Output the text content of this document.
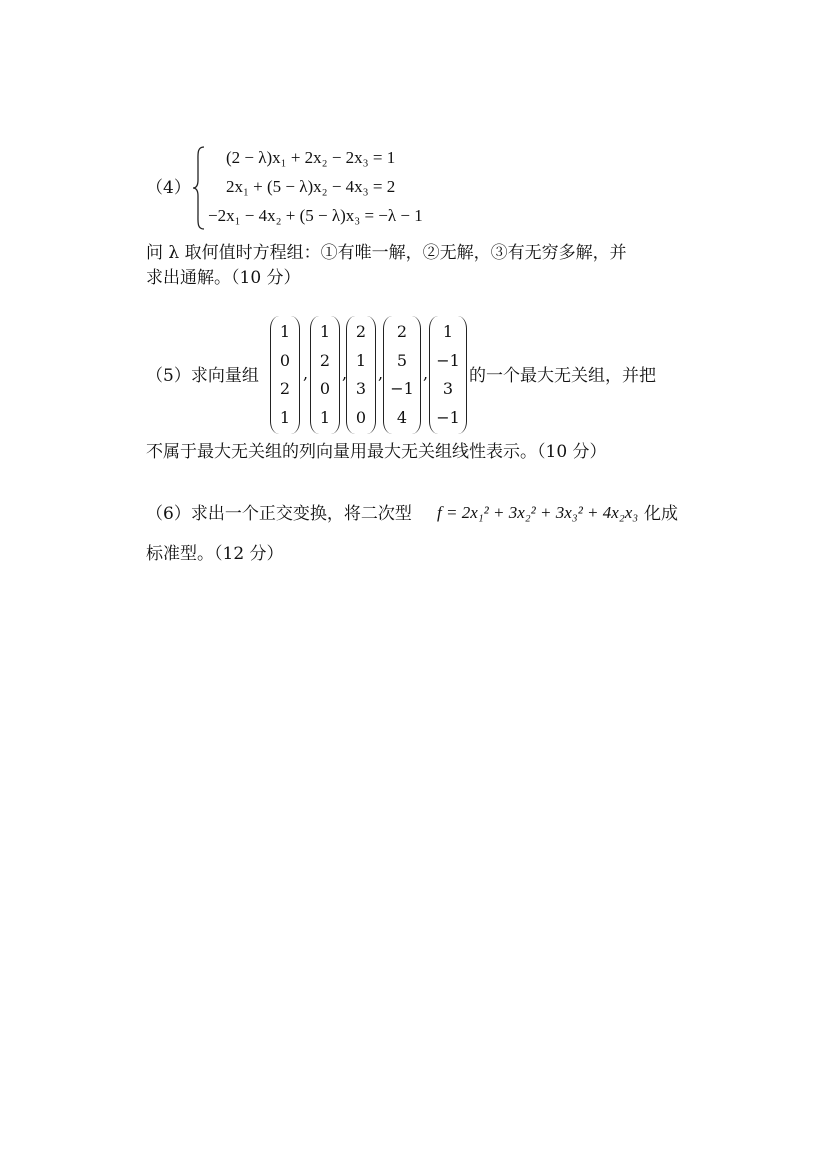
（4）
(2 − λ)x₁ + 2x₂ − 2x₃ = 1
2x₁ + (5 − λ)x₂ − 4x₃ = 2
−2x₁ − 4x₂ + (5 − λ)x₃ = −λ − 1
问 λ 取何值时方程组：①有唯一解，②无解，③有无穷多解，并
求出通解。（10 分）
（5）求向量组
1
0
2
1
,
1
2
0
1
,
2
1
3
0
,
2
5
−1
4
,
1
−1
3
−1
的一个最大无关组，并把
不属于最大无关组的列向量用最大无关组线性表示。（10 分）
（6）求出一个正交变换，将二次型 f = 2x₁² + 3x₂² + 3x₃² + 4x₂x₃ 化成
标准型。（12 分）
